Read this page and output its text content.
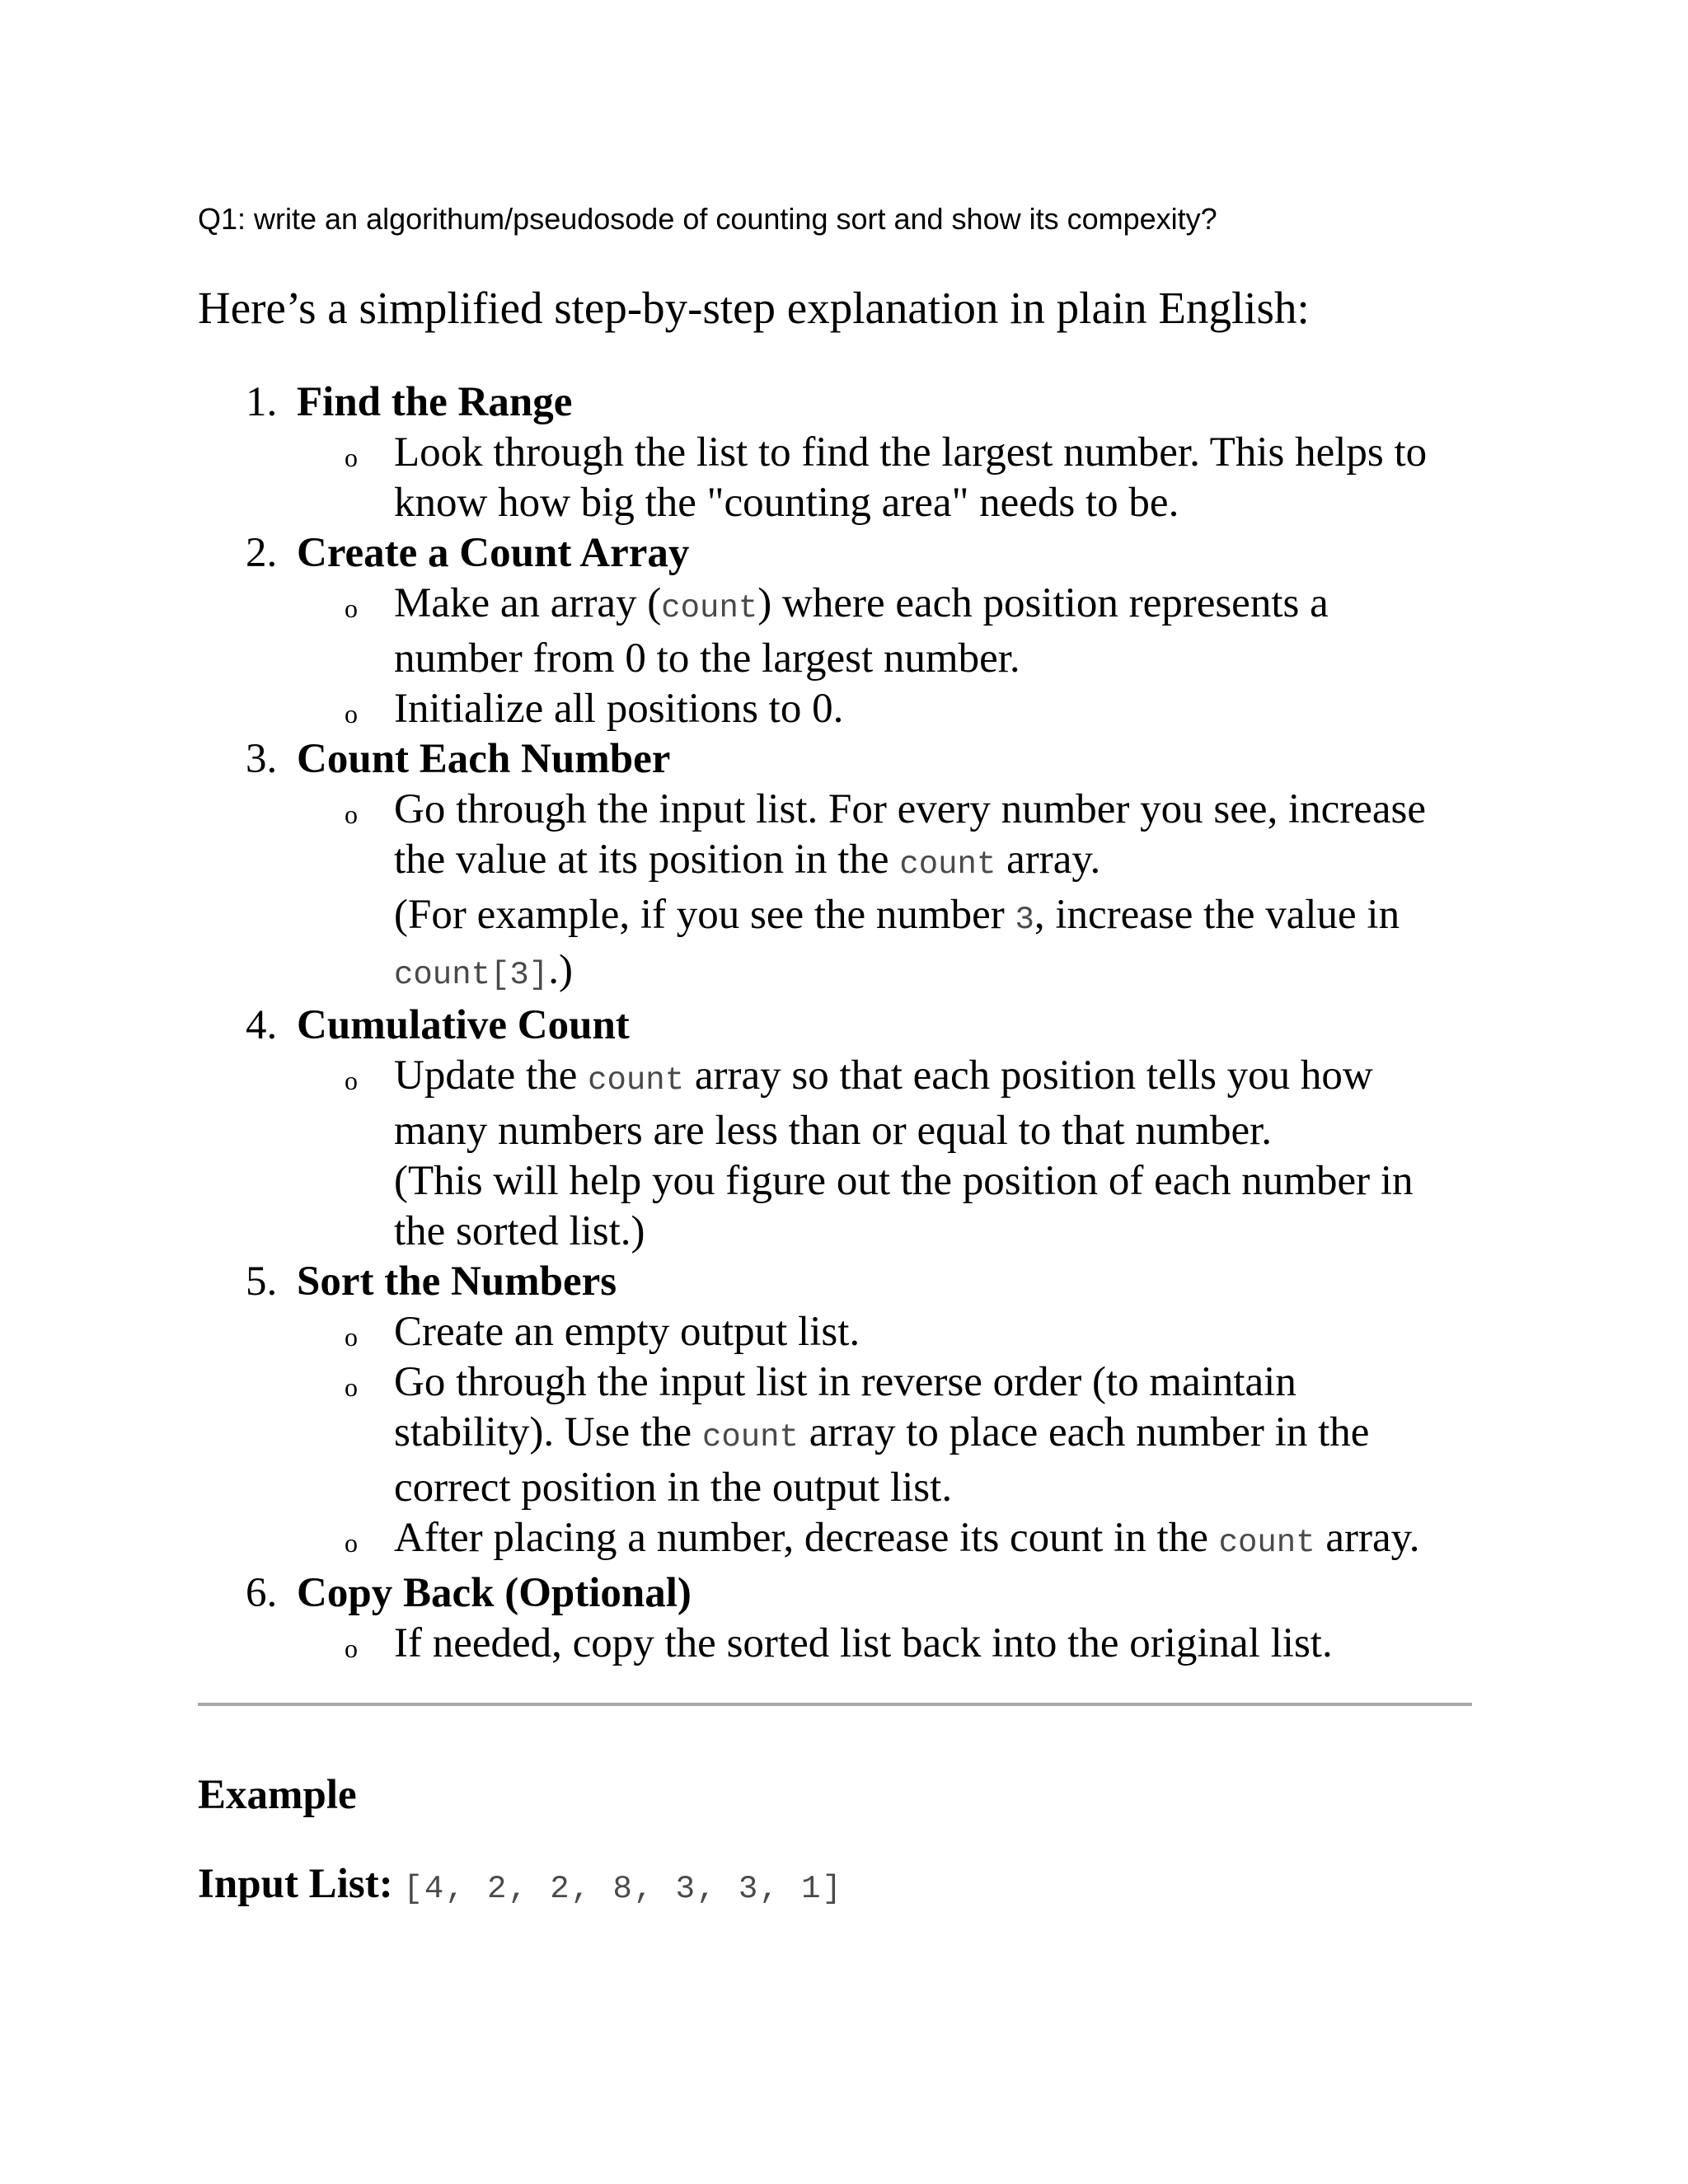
Q1: write an algorithum/pseudosode of counting sort and show its compexity?
Here’s a simplified step-by-step explanation in plain English:
1. Find the Range
o Look through the list to find the largest number. This helps to
know how big the "counting area" needs to be.
2. Create a Count Array
o Make an array (count) where each position represents a
number from 0 to the largest number.
o Initialize all positions to 0.
3. Count Each Number
o Go through the input list. For every number you see, increase
the value at its position in the count array.
(For example, if you see the number 3, increase the value in
count[3].)
4. Cumulative Count
o Update the count array so that each position tells you how
many numbers are less than or equal to that number.
(This will help you figure out the position of each number in
the sorted list.)
5. Sort the Numbers
o Create an empty output list.
o Go through the input list in reverse order (to maintain
stability). Use the count array to place each number in the
correct position in the output list.
o After placing a number, decrease its count in the count array.
6. Copy Back (Optional)
o If needed, copy the sorted list back into the original list.
Example
Input List: [4, 2, 2, 8, 3, 3, 1]
